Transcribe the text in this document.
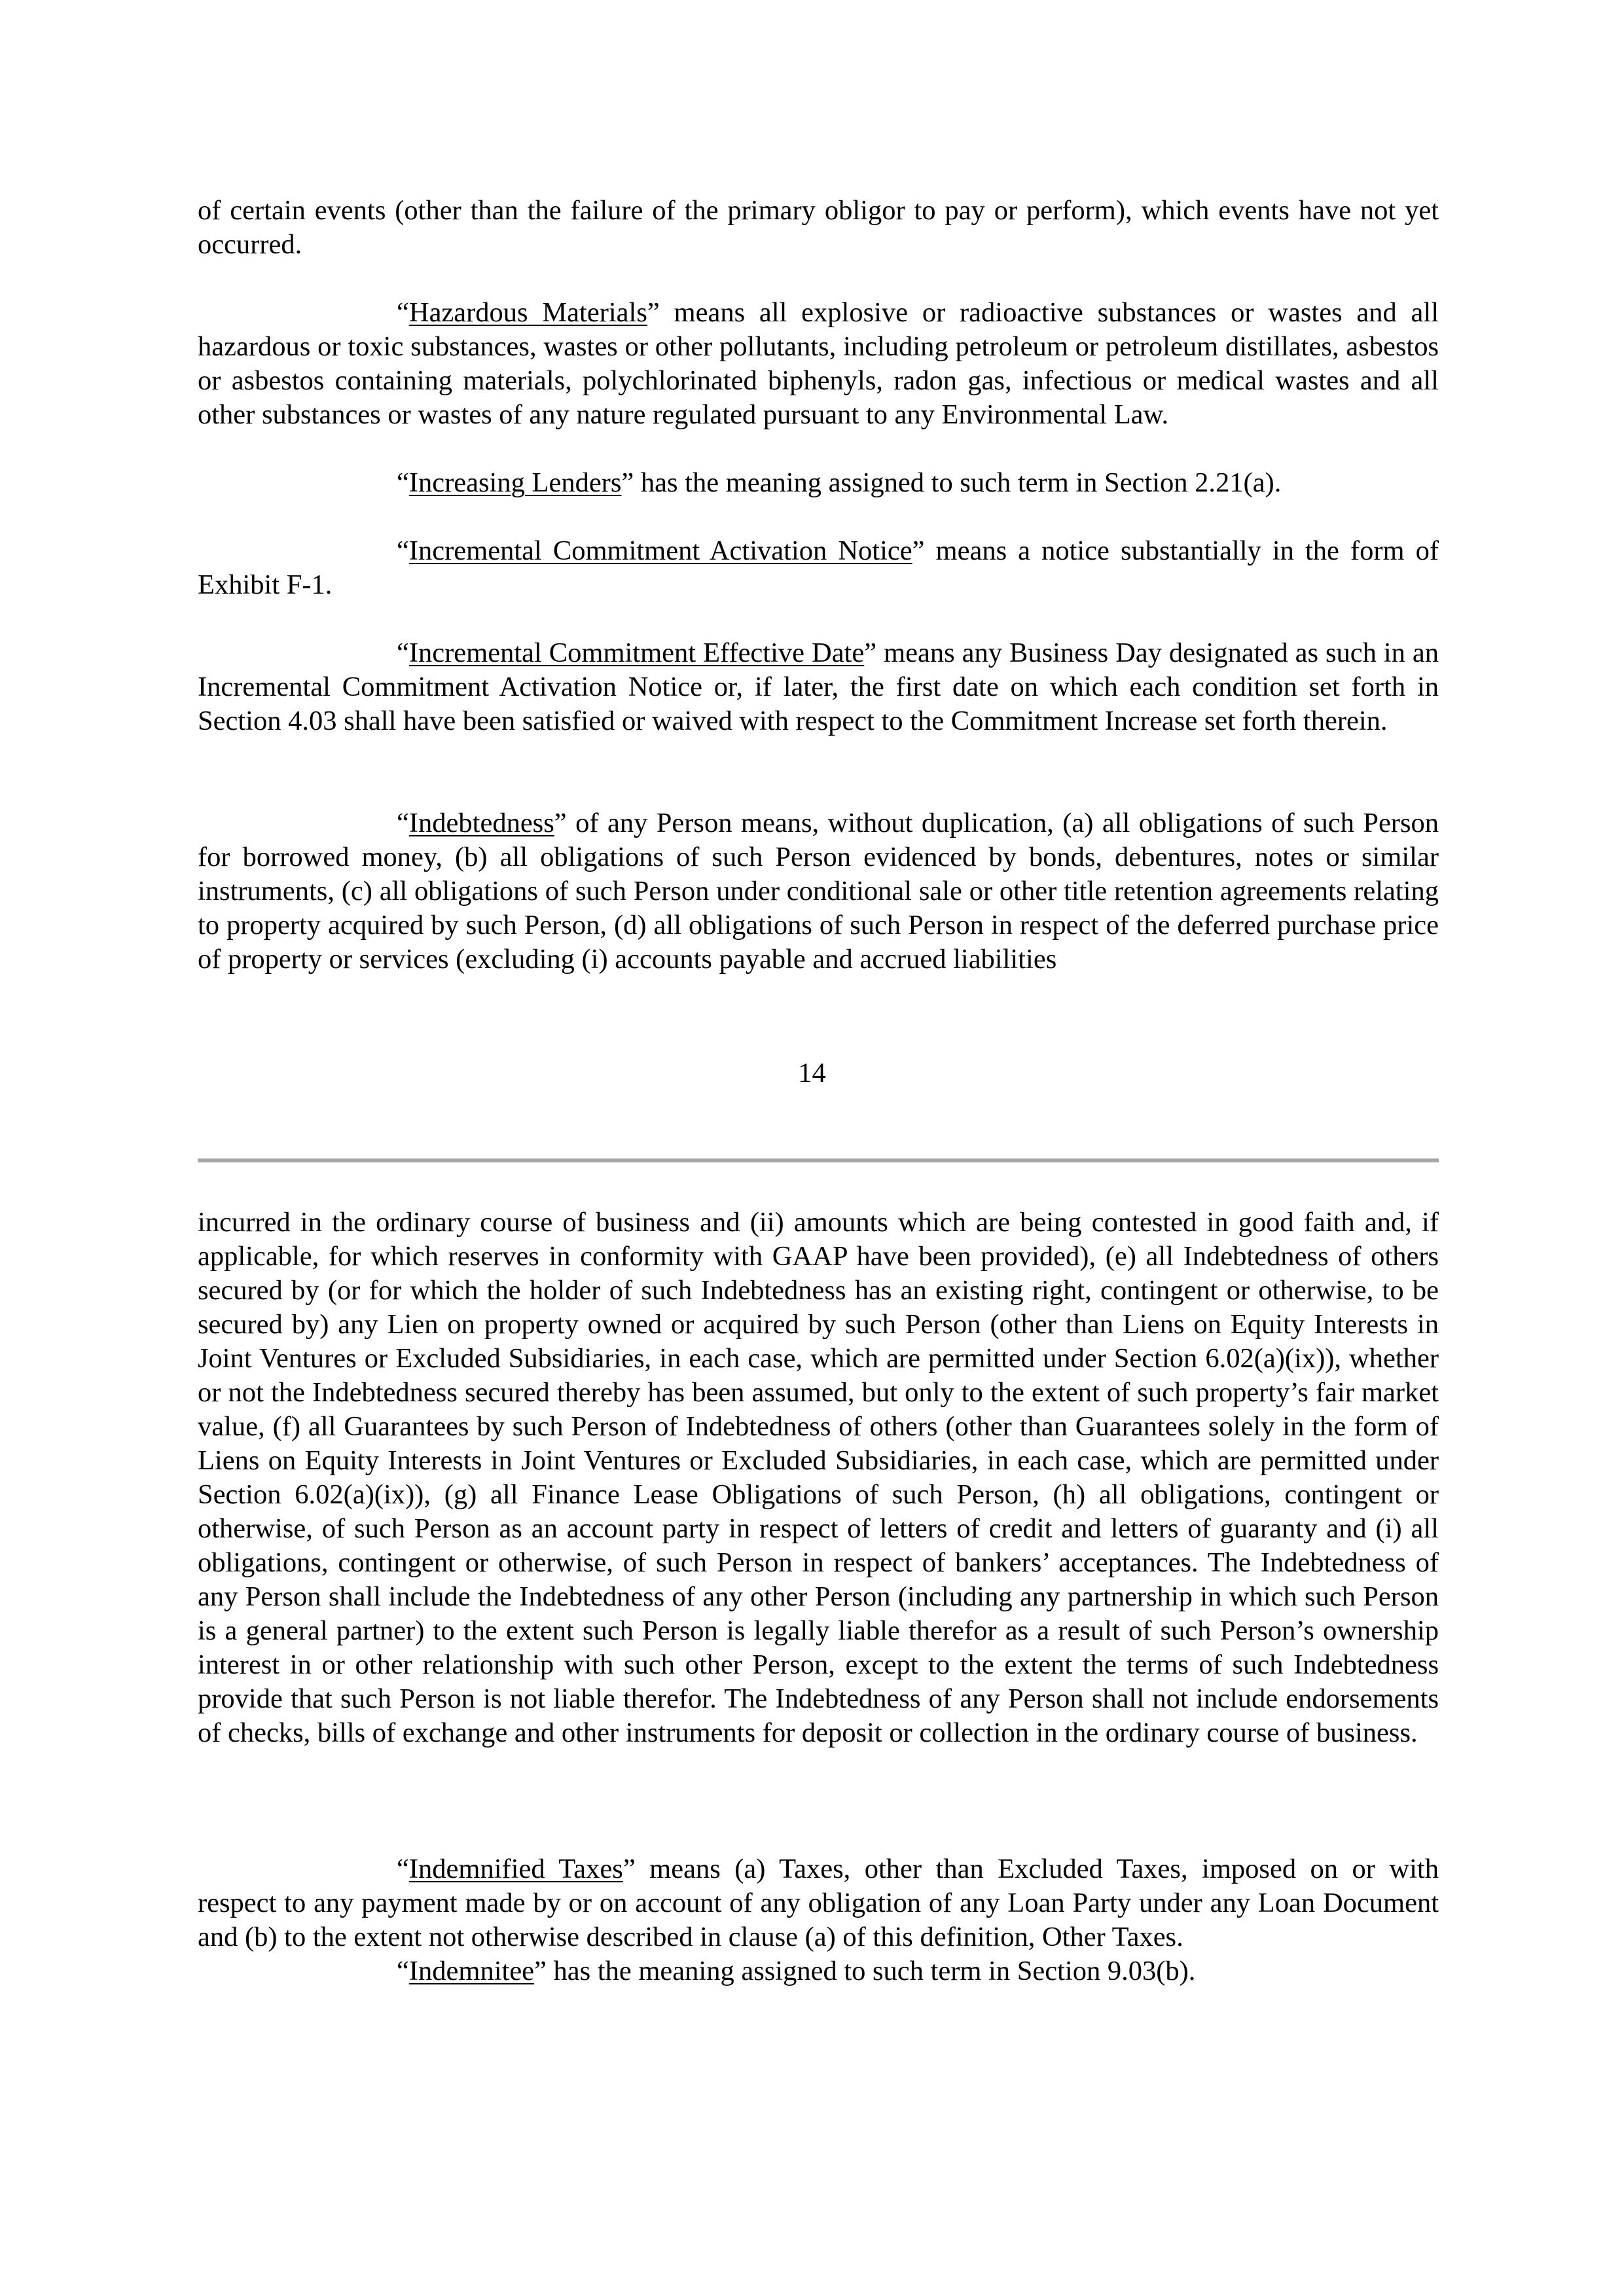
of certain events (other than the failure of the primary obligor to pay or perform), which events have not yet occurred.

“Hazardous Materials” means all explosive or radioactive substances or wastes and all hazardous or toxic substances, wastes or other pollutants, including petroleum or petroleum distillates, asbestos or asbestos containing materials, polychlorinated biphenyls, radon gas, infectious or medical wastes and all other substances or wastes of any nature regulated pursuant to any Environmental Law.

“Increasing Lenders” has the meaning assigned to such term in Section 2.21(a).

“Incremental Commitment Activation Notice” means a notice substantially in the form of Exhibit F-1.

“Incremental Commitment Effective Date” means any Business Day designated as such in an Incremental Commitment Activation Notice or, if later, the first date on which each condition set forth in Section 4.03 shall have been satisfied or waived with respect to the Commitment Increase set forth therein.

“Indebtedness” of any Person means, without duplication, (a) all obligations of such Person for borrowed money, (b) all obligations of such Person evidenced by bonds, debentures, notes or similar instruments, (c) all obligations of such Person under conditional sale or other title retention agreements relating to property acquired by such Person, (d) all obligations of such Person in respect of the deferred purchase price of property or services (excluding (i) accounts payable and accrued liabilities

14

incurred in the ordinary course of business and (ii) amounts which are being contested in good faith and, if applicable, for which reserves in conformity with GAAP have been provided), (e) all Indebtedness of others secured by (or for which the holder of such Indebtedness has an existing right, contingent or otherwise, to be secured by) any Lien on property owned or acquired by such Person (other than Liens on Equity Interests in Joint Ventures or Excluded Subsidiaries, in each case, which are permitted under Section 6.02(a)(ix)), whether or not the Indebtedness secured thereby has been assumed, but only to the extent of such property’s fair market value, (f) all Guarantees by such Person of Indebtedness of others (other than Guarantees solely in the form of Liens on Equity Interests in Joint Ventures or Excluded Subsidiaries, in each case, which are permitted under Section 6.02(a)(ix)), (g) all Finance Lease Obligations of such Person, (h) all obligations, contingent or otherwise, of such Person as an account party in respect of letters of credit and letters of guaranty and (i) all obligations, contingent or otherwise, of such Person in respect of bankers’ acceptances. The Indebtedness of any Person shall include the Indebtedness of any other Person (including any partnership in which such Person is a general partner) to the extent such Person is legally liable therefor as a result of such Person’s ownership interest in or other relationship with such other Person, except to the extent the terms of such Indebtedness provide that such Person is not liable therefor. The Indebtedness of any Person shall not include endorsements of checks, bills of exchange and other instruments for deposit or collection in the ordinary course of business.

“Indemnified Taxes” means (a) Taxes, other than Excluded Taxes, imposed on or with respect to any payment made by or on account of any obligation of any Loan Party under any Loan Document and (b) to the extent not otherwise described in clause (a) of this definition, Other Taxes.

“Indemnitee” has the meaning assigned to such term in Section 9.03(b).
